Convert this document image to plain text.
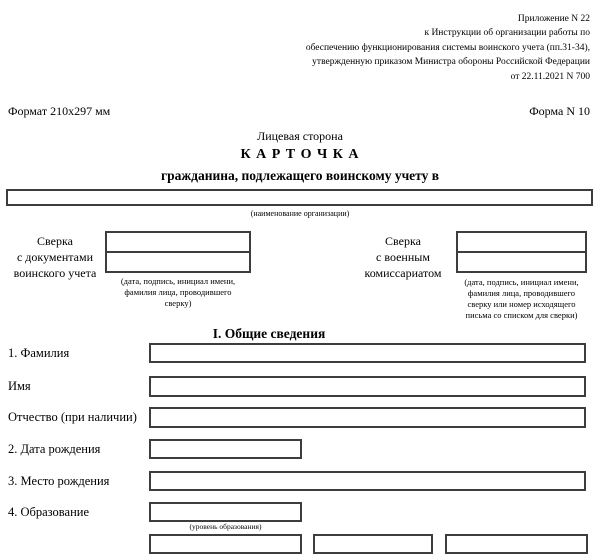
Приложение N 22
к Инструкции об организации работы по
обеспечению функционирования системы воинского учета (пп.31-34),
утвержденную приказом Министра обороны Российской Федерации
от 22.11.2021 N 700
Формат 210х297 мм	Форма N 10
Лицевая сторона
К А Р Т О Ч К А
гражданина, подлежащего воинскому учету в
(наименование организации)
Сверка
с документами
воинского учета
(дата, подпись, инициал имени,
фамилия лица, проводившего
сверку)
Сверка
с военным
комиссариатом
(дата, подпись, инициал имени,
фамилия лица, проводившего
сверку или номер исходящего
письма со списком для сверки)
I. Общие сведения
1. Фамилия
Имя
Отчество (при наличии)
2. Дата рождения
3. Место рождения
4. Образование
(уровень образования)
